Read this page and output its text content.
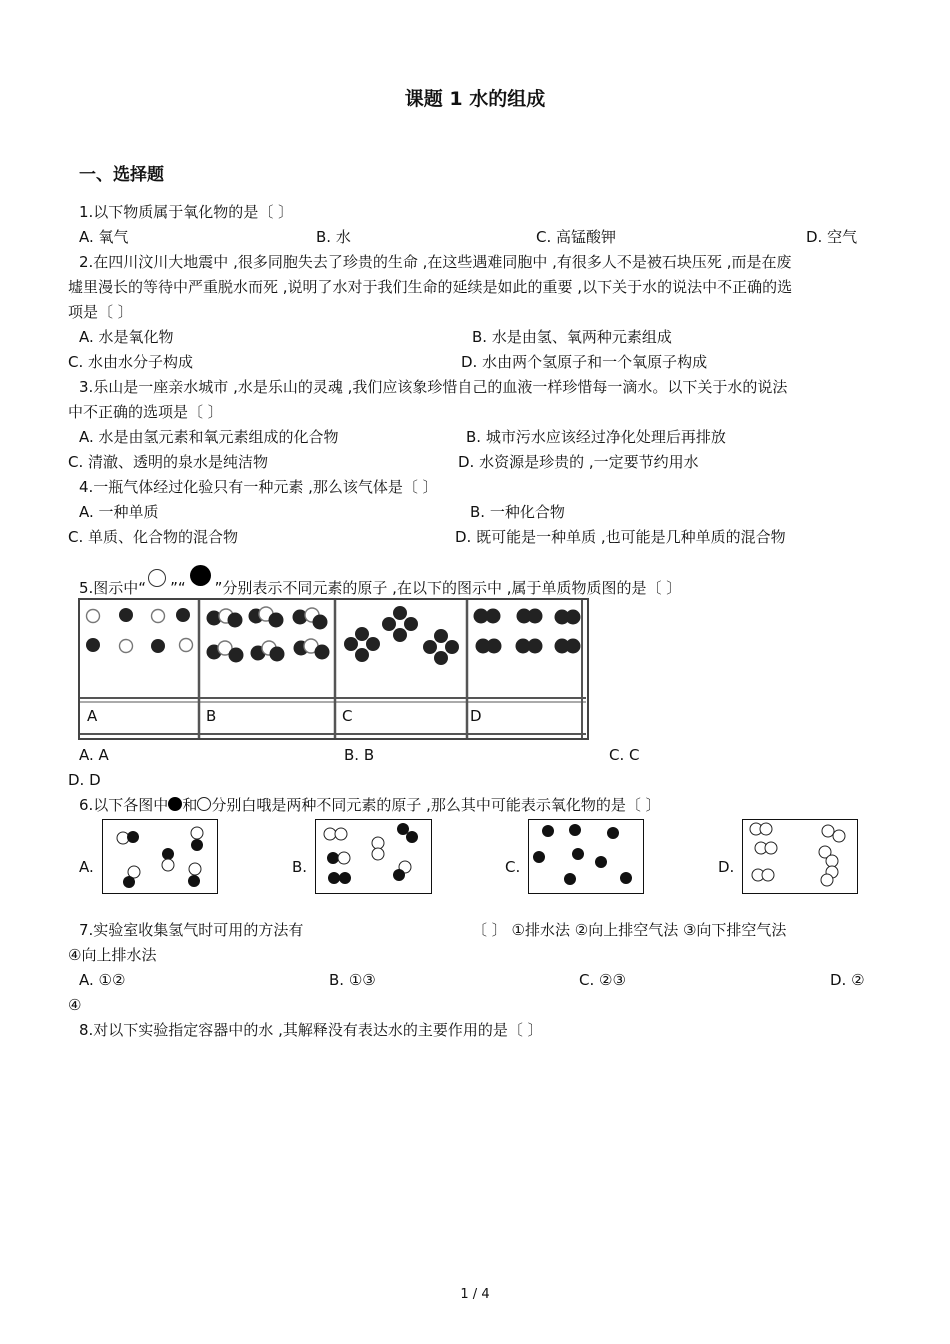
课题 1 水的组成
一、选择题
1.以下物质属于氧化物的是〔 〕
A. 氧气	B. 水	C. 高锰酸钾	D. 空气
2.在四川汶川大地震中 ,很多同胞失去了珍贵的生命 ,在这些遇难同胞中 ,有很多人不是被石块压死 ,而是在废
墟里漫长的等待中严重脱水而死 ,说明了水对于我们生命的延续是如此的重要 ,以下关于水的说法中不正确的选
项是〔 〕
A. 水是氧化物	B. 水是由氢、氧两种元素组成
C. 水由水分子构成	D. 水由两个氢原子和一个氧原子构成
3.乐山是一座亲水城市 ,水是乐山的灵魂 ,我们应该象珍惜自己的血液一样珍惜每一滴水。以下关于水的说法
中不正确的选项是〔 〕
A. 水是由氢元素和氧元素组成的化合物	B. 城市污水应该经过净化处理后再排放
C. 清澈、透明的泉水是纯洁物	D. 水资源是珍贵的 ,一定要节约用水
4.一瓶气体经过化验只有一种元素 ,那么该气体是〔 〕
A. 一种单质	B. 一种化合物
C. 单质、化合物的混合物	D. 既可能是一种单质 ,也可能是几种单质的混合物
5.图示中“ ”“ ”分别表示不同元素的原子 ,在以下的图示中 ,属于单质物质图的是〔 〕
A	B	C	D
A. A	B. B	C. C
D. D
6.以下各图中 和 分别白哦是两种不同元素的原子 ,那么其中可能表示氧化物的是〔 〕
A.	B.	C.	D.
7.实验室收集氢气时可用的方法有	〔 〕 ①排水法 ②向上排空气法 ③向下排空气法
④向上排水法
A. ①②	B. ①③	C. ②③	D. ②
④
8.对以下实验指定容器中的水 ,其解释没有表达水的主要作用的是〔 〕
1 / 4
